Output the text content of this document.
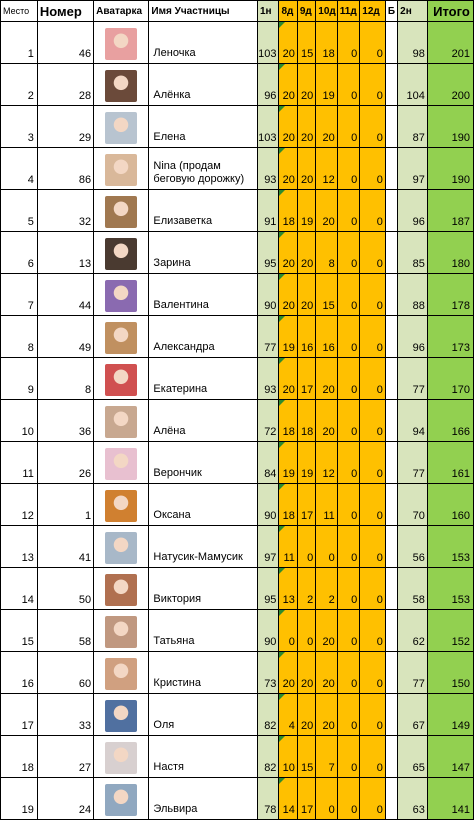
Место	Номер	Аватарка	Имя Участницы	1н	8д	9д	10д	11д	12д	Б	2н	Итого
1	46		Леночка	103	20	15	18	0	0		98	201
2	28		Алёнка	96	20	20	19	0	0		104	200
3	29		Елена	103	20	20	20	0	0		87	190
4	86		Nina (продам беговую дорожку)	93	20	20	12	0	0		97	190
5	32		Елизаветка	91	18	19	20	0	0		96	187
6	13		Зарина	95	20	20	8	0	0		85	180
7	44		Валентина	90	20	20	15	0	0		88	178
8	49		Александра	77	19	16	16	0	0		96	173
9	8		Екатерина	93	20	17	20	0	0		77	170
10	36		Алёна	72	18	18	20	0	0		94	166
11	26		Верончик	84	19	19	12	0	0		77	161
12	1		Оксана	90	18	17	11	0	0		70	160
13	41		Натусик-Мамусик	97	11	0	0	0	0		56	153
14	50		Виктория	95	13	2	2	0	0		58	153
15	58		Татьяна	90	0	0	20	0	0		62	152
16	60		Кристина	73	20	20	20	0	0		77	150
17	33		Оля	82	4	20	20	0	0		67	149
18	27		Настя	82	10	15	7	0	0		65	147
19	24		Эльвира	78	14	17	0	0	0		63	141
